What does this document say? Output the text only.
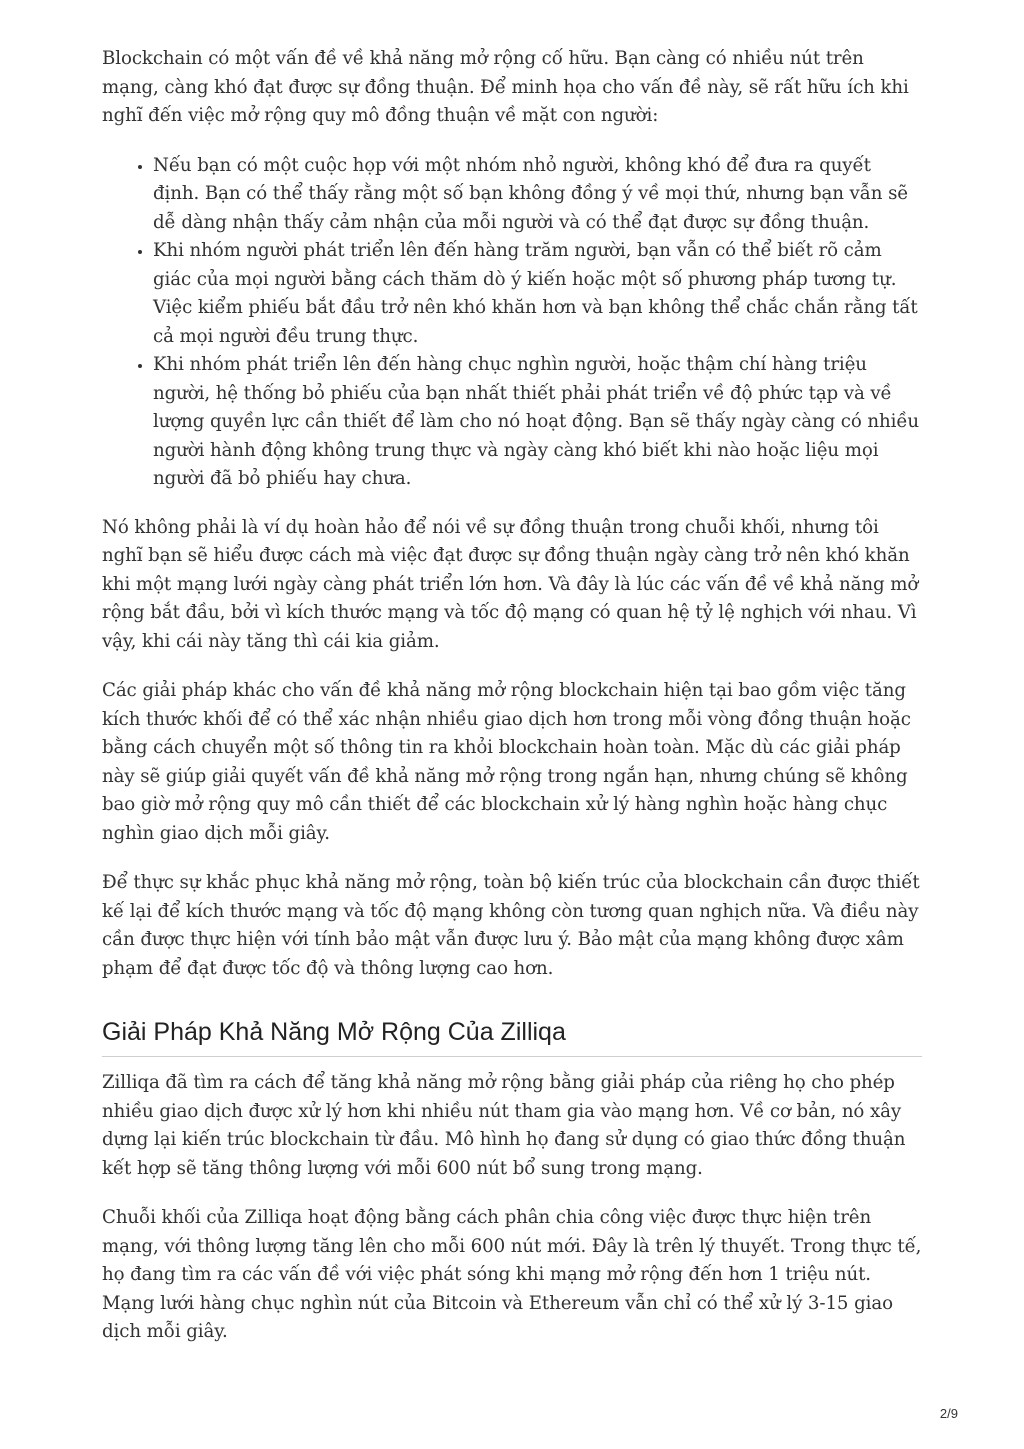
Blockchain có một vấn đề về khả năng mở rộng cố hữu. Bạn càng có nhiều nút trên mạng, càng khó đạt được sự đồng thuận. Để minh họa cho vấn đề này, sẽ rất hữu ích khi nghĩ đến việc mở rộng quy mô đồng thuận về mặt con người:

• Nếu bạn có một cuộc họp với một nhóm nhỏ người, không khó để đưa ra quyết định. Bạn có thể thấy rằng một số bạn không đồng ý về mọi thứ, nhưng bạn vẫn sẽ dễ dàng nhận thấy cảm nhận của mỗi người và có thể đạt được sự đồng thuận.
• Khi nhóm người phát triển lên đến hàng trăm người, bạn vẫn có thể biết rõ cảm giác của mọi người bằng cách thăm dò ý kiến hoặc một số phương pháp tương tự. Việc kiểm phiếu bắt đầu trở nên khó khăn hơn và bạn không thể chắc chắn rằng tất cả mọi người đều trung thực.
• Khi nhóm phát triển lên đến hàng chục nghìn người, hoặc thậm chí hàng triệu người, hệ thống bỏ phiếu của bạn nhất thiết phải phát triển về độ phức tạp và về lượng quyền lực cần thiết để làm cho nó hoạt động. Bạn sẽ thấy ngày càng có nhiều người hành động không trung thực và ngày càng khó biết khi nào hoặc liệu mọi người đã bỏ phiếu hay chưa.

Nó không phải là ví dụ hoàn hảo để nói về sự đồng thuận trong chuỗi khối, nhưng tôi nghĩ bạn sẽ hiểu được cách mà việc đạt được sự đồng thuận ngày càng trở nên khó khăn khi một mạng lưới ngày càng phát triển lớn hơn. Và đây là lúc các vấn đề về khả năng mở rộng bắt đầu, bởi vì kích thước mạng và tốc độ mạng có quan hệ tỷ lệ nghịch với nhau. Vì vậy, khi cái này tăng thì cái kia giảm.

Các giải pháp khác cho vấn đề khả năng mở rộng blockchain hiện tại bao gồm việc tăng kích thước khối để có thể xác nhận nhiều giao dịch hơn trong mỗi vòng đồng thuận hoặc bằng cách chuyển một số thông tin ra khỏi blockchain hoàn toàn. Mặc dù các giải pháp này sẽ giúp giải quyết vấn đề khả năng mở rộng trong ngắn hạn, nhưng chúng sẽ không bao giờ mở rộng quy mô cần thiết để các blockchain xử lý hàng nghìn hoặc hàng chục nghìn giao dịch mỗi giây.

Để thực sự khắc phục khả năng mở rộng, toàn bộ kiến trúc của blockchain cần được thiết kế lại để kích thước mạng và tốc độ mạng không còn tương quan nghịch nữa. Và điều này cần được thực hiện với tính bảo mật vẫn được lưu ý. Bảo mật của mạng không được xâm phạm để đạt được tốc độ và thông lượng cao hơn.

Giải Pháp Khả Năng Mở Rộng Của Zilliqa

Zilliqa đã tìm ra cách để tăng khả năng mở rộng bằng giải pháp của riêng họ cho phép nhiều giao dịch được xử lý hơn khi nhiều nút tham gia vào mạng hơn. Về cơ bản, nó xây dựng lại kiến trúc blockchain từ đầu. Mô hình họ đang sử dụng có giao thức đồng thuận kết hợp sẽ tăng thông lượng với mỗi 600 nút bổ sung trong mạng.

Chuỗi khối của Zilliqa hoạt động bằng cách phân chia công việc được thực hiện trên mạng, với thông lượng tăng lên cho mỗi 600 nút mới. Đây là trên lý thuyết. Trong thực tế, họ đang tìm ra các vấn đề với việc phát sóng khi mạng mở rộng đến hơn 1 triệu nút. Mạng lưới hàng chục nghìn nút của Bitcoin và Ethereum vẫn chỉ có thể xử lý 3-15 giao dịch mỗi giây.

2/9
